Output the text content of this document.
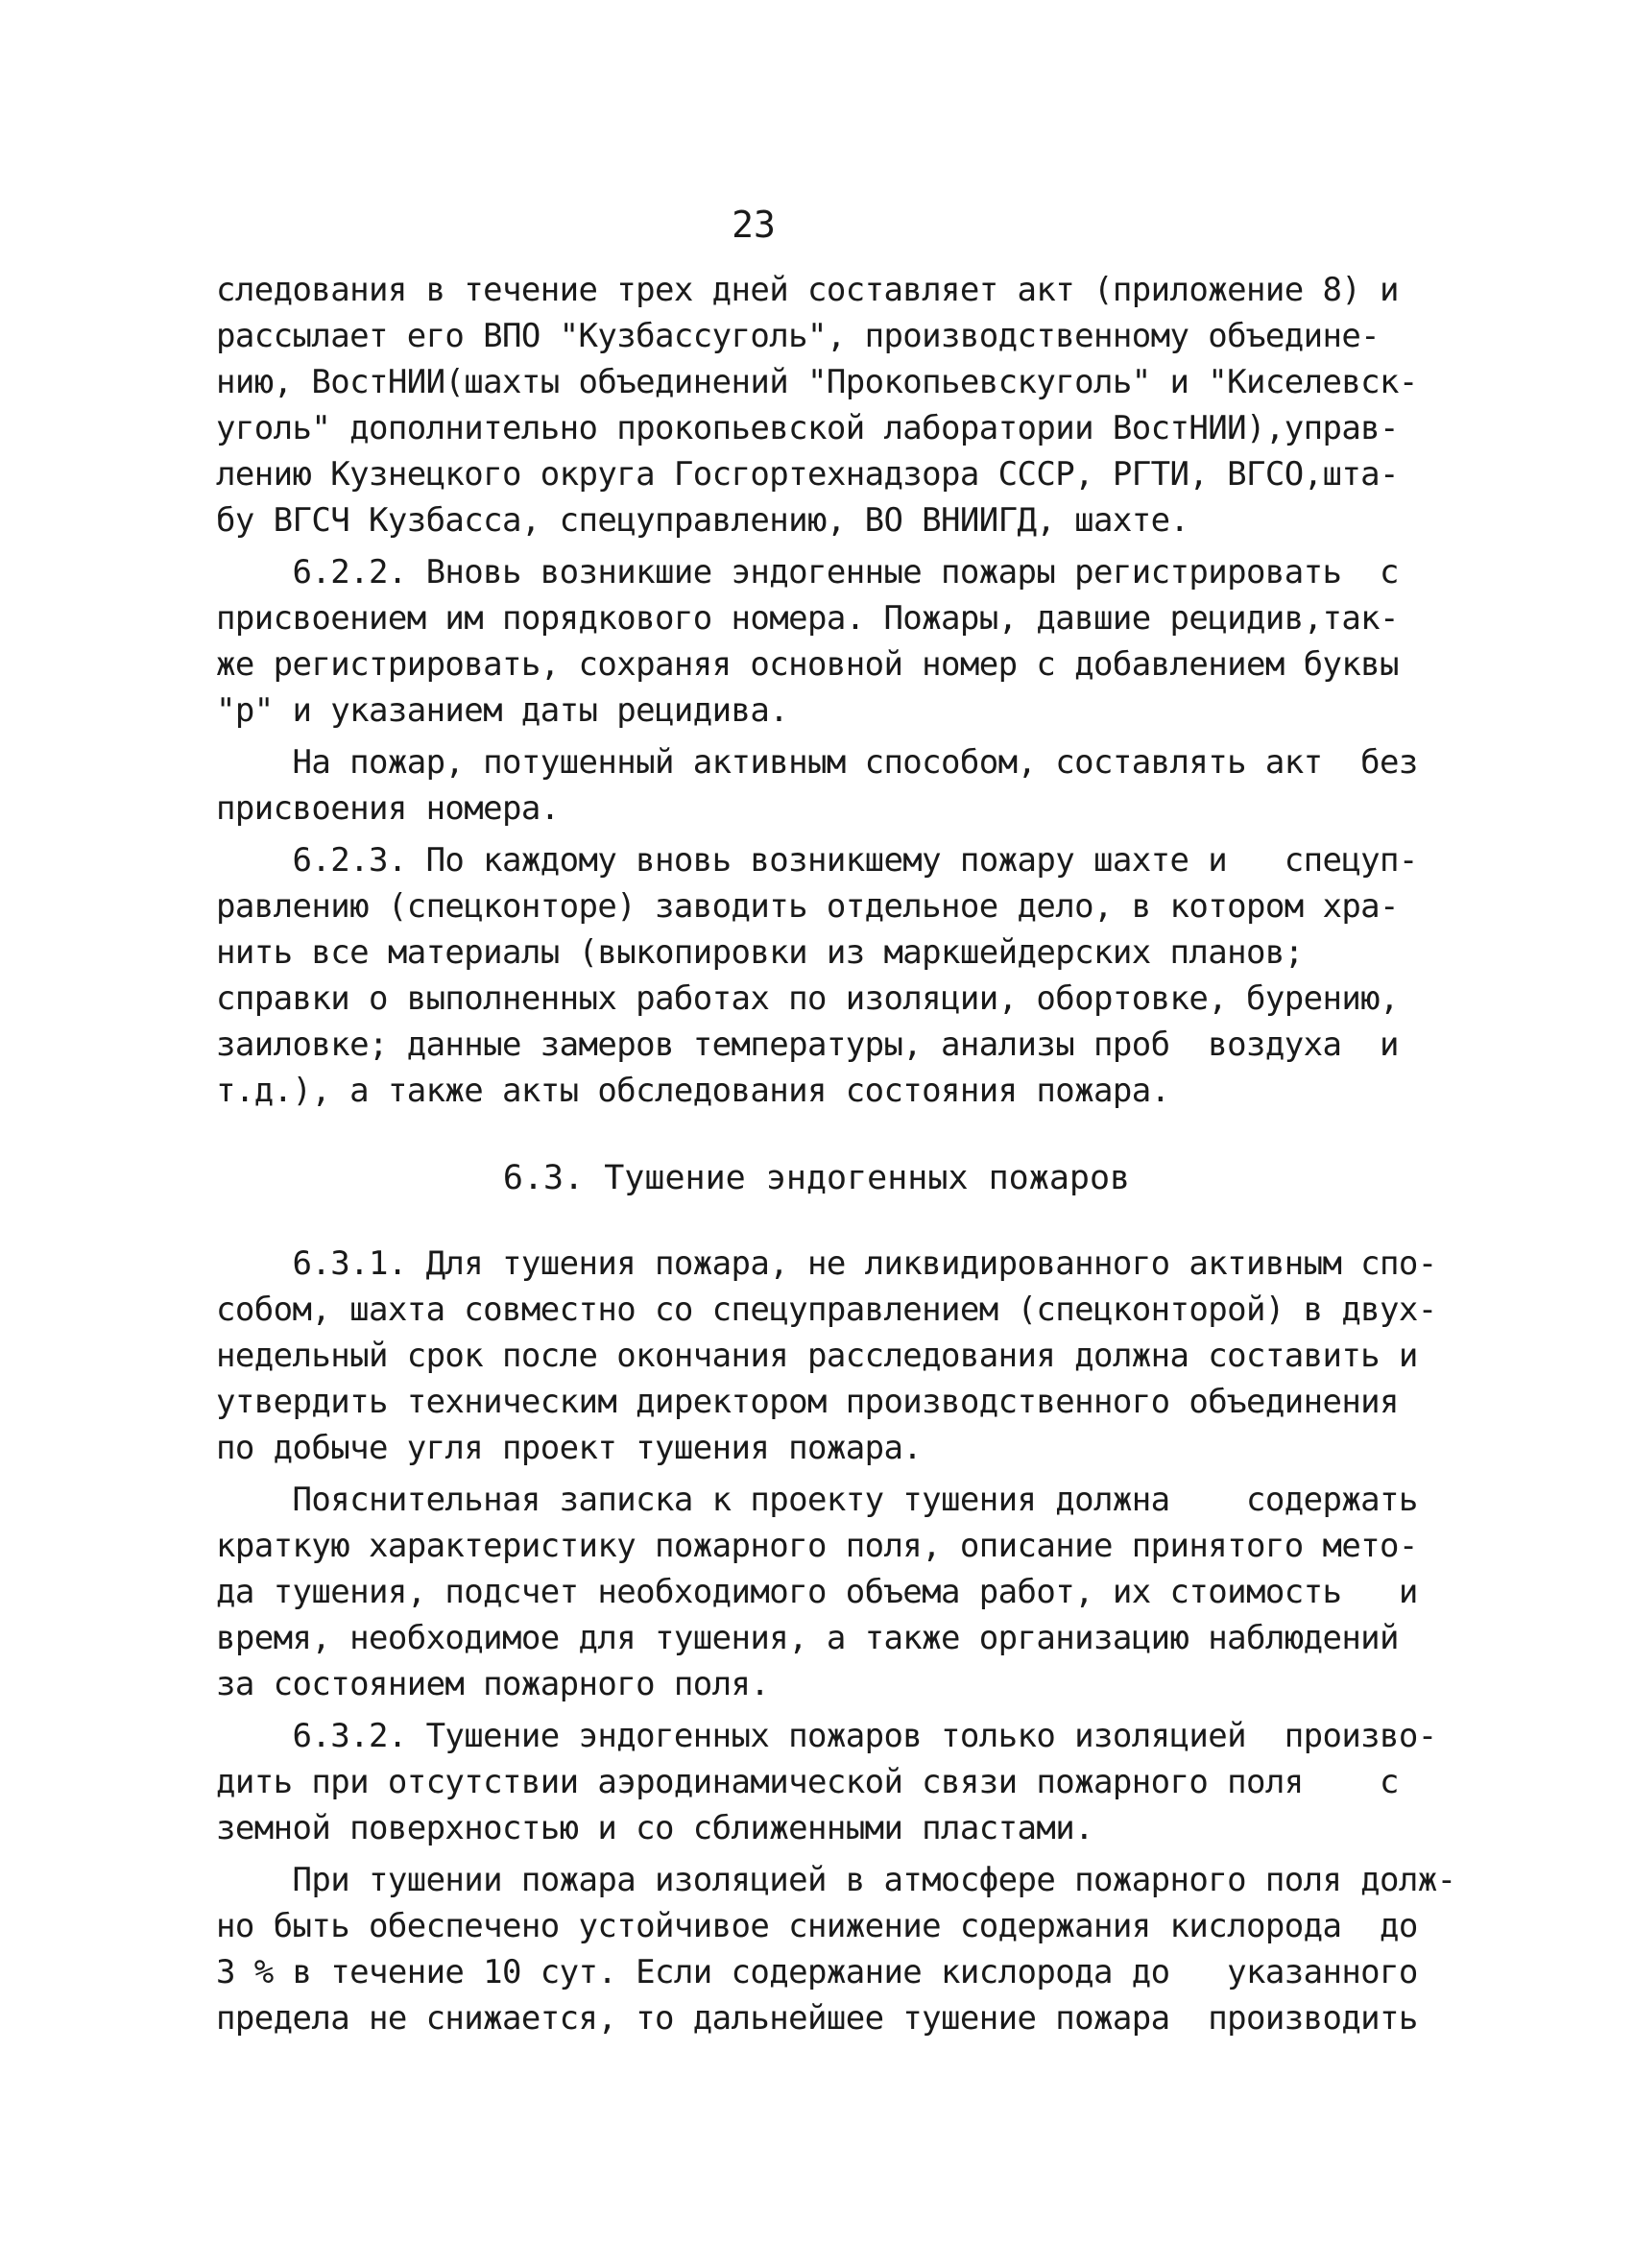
23
следования в течение трех дней составляет акт (приложение 8) и
рассылает его ВПО "Кузбассуголь", производственному объедине-
нию, ВостНИИ(шахты объединений "Прокопьевскуголь" и "Киселевск-
уголь" дополнительно прокопьевской лаборатории ВостНИИ),управ-
лению Кузнецкого округа Госгортехнадзора СССР, РГТИ, ВГСО,шта-
бу ВГСЧ Кузбасса, спецуправлению, ВО ВНИИГД, шахте.
6.2.2. Вновь возникшие эндогенные пожары регистрировать  с
присвоением им порядкового номера. Пожары, давшие рецидив,так-
же регистрировать, сохраняя основной номер с добавлением буквы
"р" и указанием даты рецидива.
На пожар, потушенный активным способом, составлять акт  без
присвоения номера.
6.2.3. По каждому вновь возникшему пожару шахте и   спецуп-
равлению (спецконторе) заводить отдельное дело, в котором хра-
нить все материалы (выкопировки из маркшейдерских планов;
справки о выполненных работах по изоляции, обортовке, бурению,
заиловке; данные замеров температуры, анализы проб  воздуха  и
т.д.), а также акты обследования состояния пожара.
6.3. Тушение эндогенных пожаров
6.3.1. Для тушения пожара, не ликвидированного активным спо-
собом, шахта совместно со спецуправлением (спецконторой) в двух-
недельный срок после окончания расследования должна составить и
утвердить техническим директором производственного объединения
по добыче угля проект тушения пожара.
Пояснительная записка к проекту тушения должна    содержать
краткую характеристику пожарного поля, описание принятого мето-
да тушения, подсчет необходимого объема работ, их стоимость   и
время, необходимое для тушения, а также организацию наблюдений
за состоянием пожарного поля.
6.3.2. Тушение эндогенных пожаров только изоляцией  произво-
дить при отсутствии аэродинамической связи пожарного поля    с
земной поверхностью и со сближенными пластами.
При тушении пожара изоляцией в атмосфере пожарного поля долж-
но быть обеспечено устойчивое снижение содержания кислорода  до
3 % в течение 10 сут. Если содержание кислорода до   указанного
предела не снижается, то дальнейшее тушение пожара  производить
